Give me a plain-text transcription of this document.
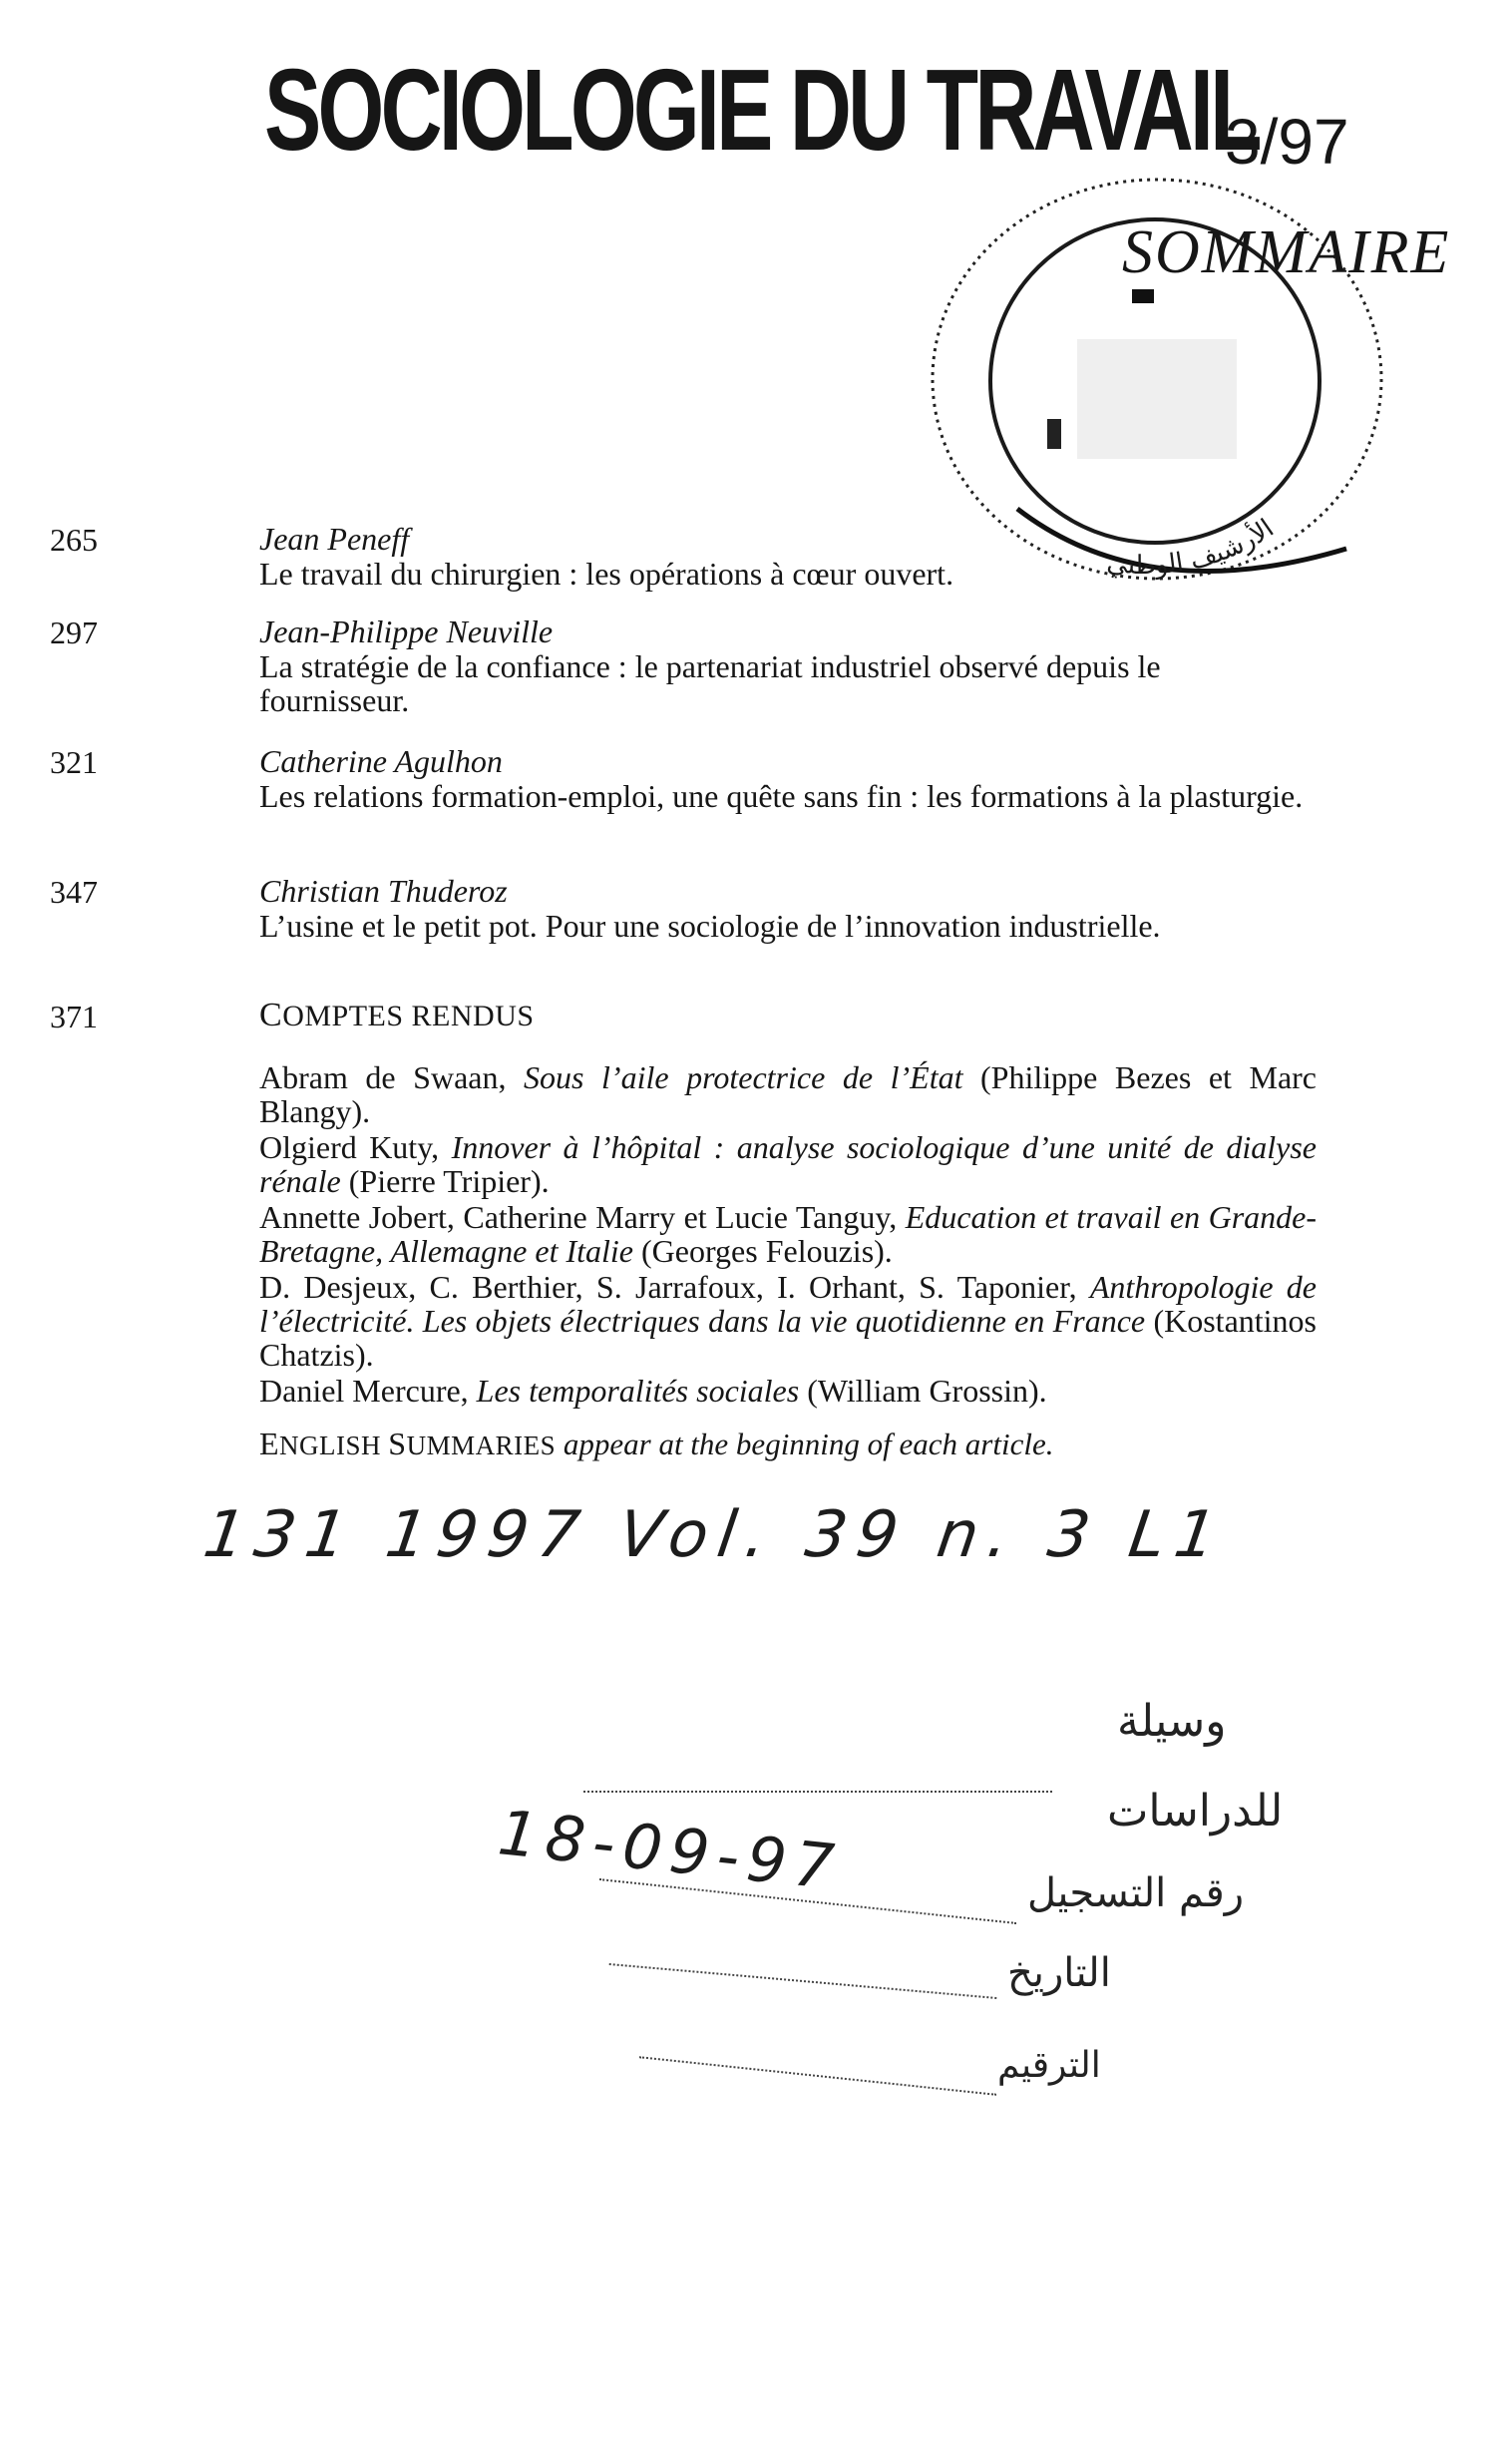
SOCIOLOGIE DU TRAVAIL
3/97
الأرشيف الوطني
SOMMAIRE
265	Jean Peneff
Le travail du chirurgien : les opérations à cœur ouvert.
297	Jean-Philippe Neuville
La stratégie de la confiance : le partenariat industriel observé depuis le fournisseur.
321	Catherine Agulhon
Les relations formation-emploi, une quête sans fin : les formations à la plasturgie.
347	Christian Thuderoz
L’usine et le petit pot. Pour une sociologie de l’innovation industrielle.
371	COMPTES RENDUS

Abram de Swaan, Sous l’aile protectrice de l’État (Philippe Bezes et Marc Blangy).

Olgierd Kuty, Innover à l’hôpital : analyse sociologique d’une unité de dialyse rénale (Pierre Tripier).

Annette Jobert, Catherine Marry et Lucie Tanguy, Education et travail en Grande-Bretagne, Allemagne et Italie (Georges Felouzis).

D. Desjeux, C. Berthier, S. Jarrafoux, I. Orhant, S. Taponier, Anthropologie de l’électricité. Les objets électriques dans la vie quotidienne en France (Kostantinos Chatzis).

Daniel Mercure, Les temporalités sociales (William Grossin).

ENGLISH SUMMARIES appear at the beginning of each article.
131 1997 Vol. 39 n. 3 L1
18-09-97
وسيلة
للدراسات
رقم التسجيل
التاريخ
الترقيم
